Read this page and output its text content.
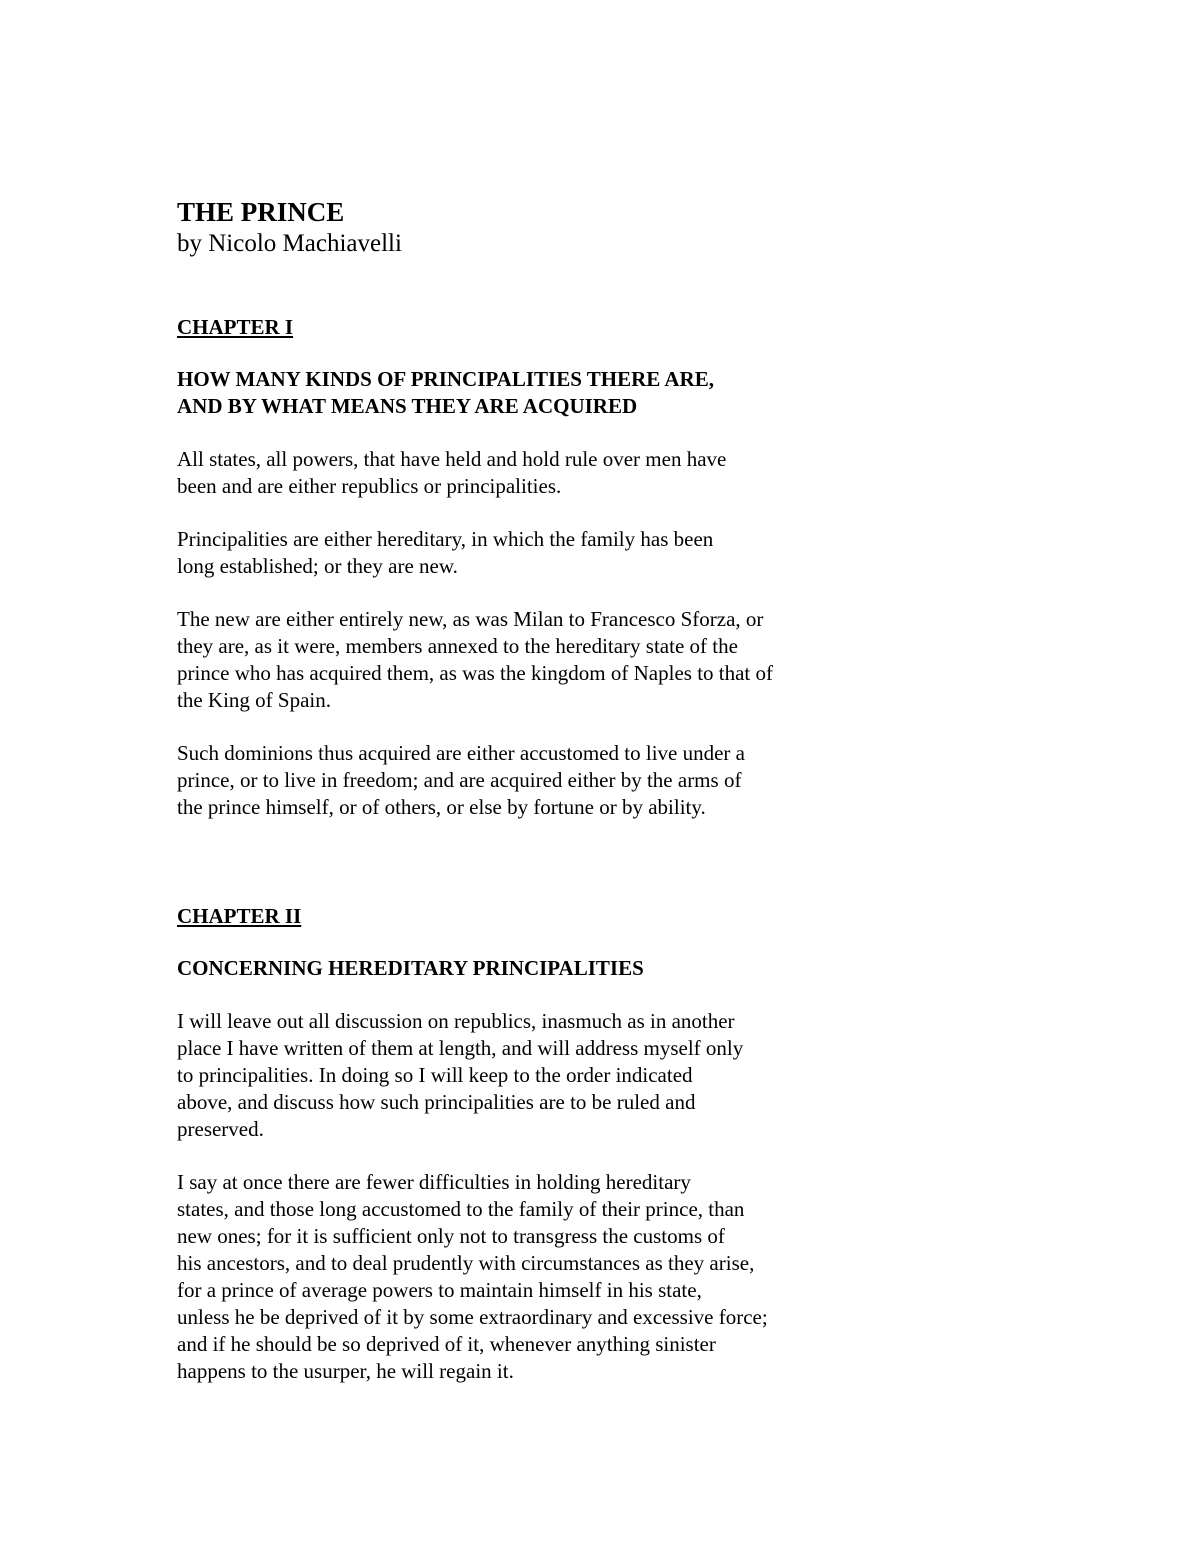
THE PRINCE

by Nicolo Machiavelli

CHAPTER I
HOW MANY KINDS OF PRINCIPALITIES THERE ARE,
AND BY WHAT MEANS THEY ARE ACQUIRED

All states, all powers, that have held and hold rule over men have
been and are either republics or principalities.

Principalities are either hereditary, in which the family has been
long established; or they are new.

The new are either entirely new, as was Milan to Francesco Sforza, or
they are, as it were, members annexed to the hereditary state of the
prince who has acquired them, as was the kingdom of Naples to that of
the King of Spain.

Such dominions thus acquired are either accustomed to live under a
prince, or to live in freedom; and are acquired either by the arms of
the prince himself, or of others, or else by fortune or by ability.

CHAPTER II
CONCERNING HEREDITARY PRINCIPALITIES

I will leave out all discussion on republics, inasmuch as in another
place I have written of them at length, and will address myself only
to principalities. In doing so I will keep to the order indicated
above, and discuss how such principalities are to be ruled and
preserved.

I say at once there are fewer difficulties in holding hereditary
states, and those long accustomed to the family of their prince, than
new ones; for it is sufficient only not to transgress the customs of
his ancestors, and to deal prudently with circumstances as they arise,
for a prince of average powers to maintain himself in his state,
unless he be deprived of it by some extraordinary and excessive force;
and if he should be so deprived of it, whenever anything sinister
happens to the usurper, he will regain it.
